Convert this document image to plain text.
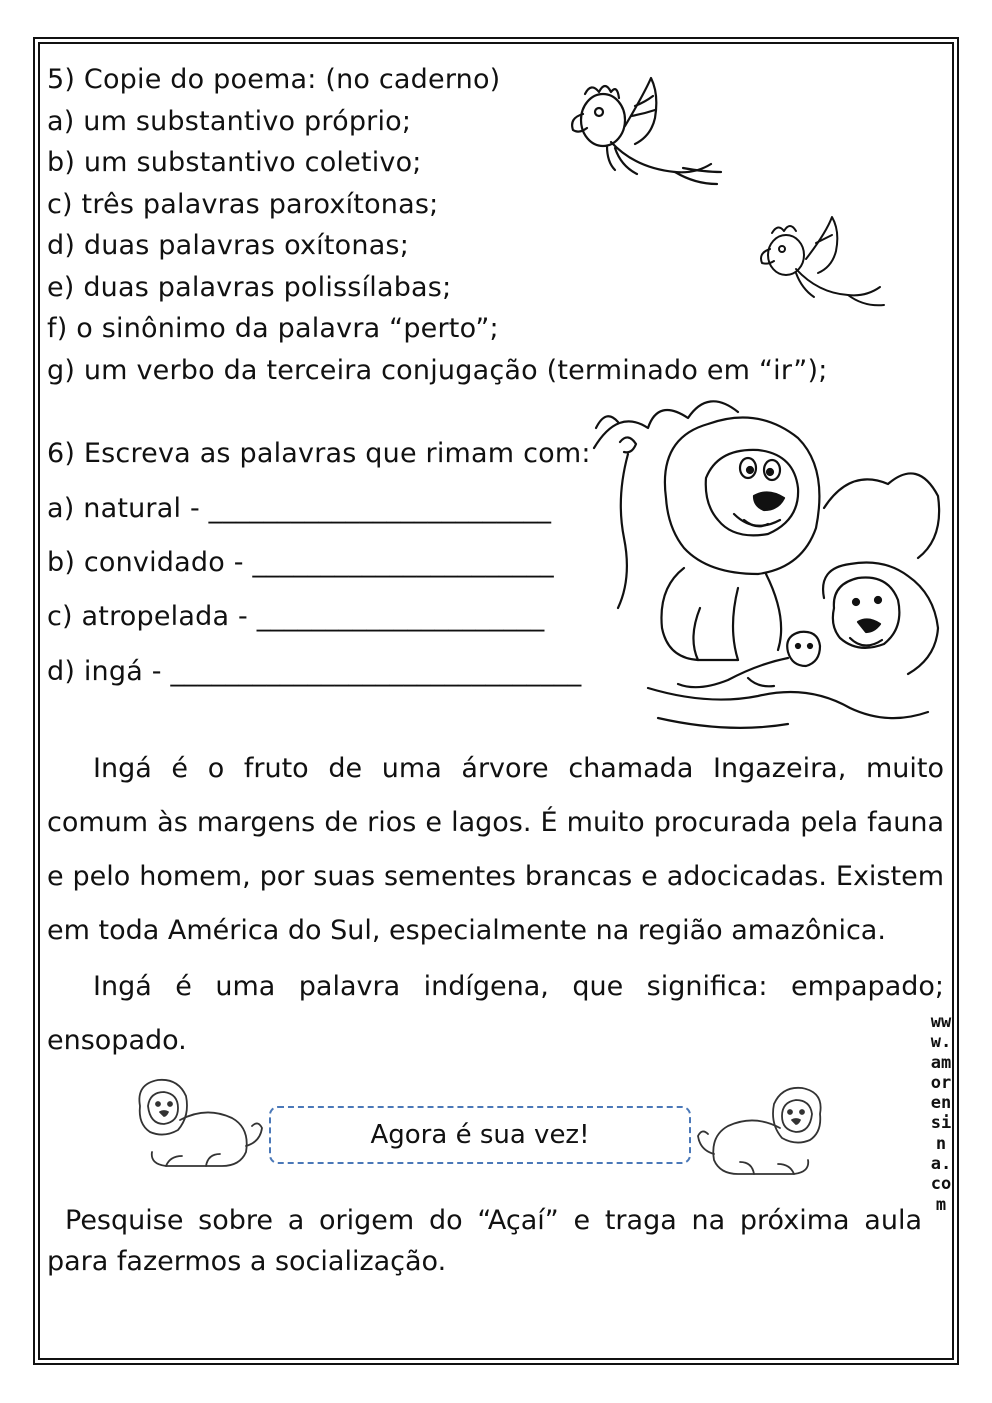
5) Copie do poema: (no caderno)
a) um substantivo próprio;
b) um substantivo coletivo;
c) três palavras paroxítonas;
d) duas palavras oxítonas;
e) duas palavras polissílabas;
f) o sinônimo da palavra “perto”;
g) um verbo da terceira conjugação (terminado em “ir”);
6) Escreva as palavras que rimam com:
a) natural - _________________________
b) convidado - ______________________
c) atropelada - _____________________
d) ingá - ______________________________
Ingá é o fruto de uma árvore chamada Ingazeira, muito comum às margens de rios e lagos. É muito procurada pela fauna e pelo homem, por suas sementes brancas e adocicadas. Existem em toda América do Sul, especialmente na região amazônica.
Ingá é uma palavra indígena, que significa: empapado; ensopado.
Agora é sua vez!
Pesquise sobre a origem do “Açaí” e traga na próxima aula para fazermos a socialização.
www.amorensina.com
